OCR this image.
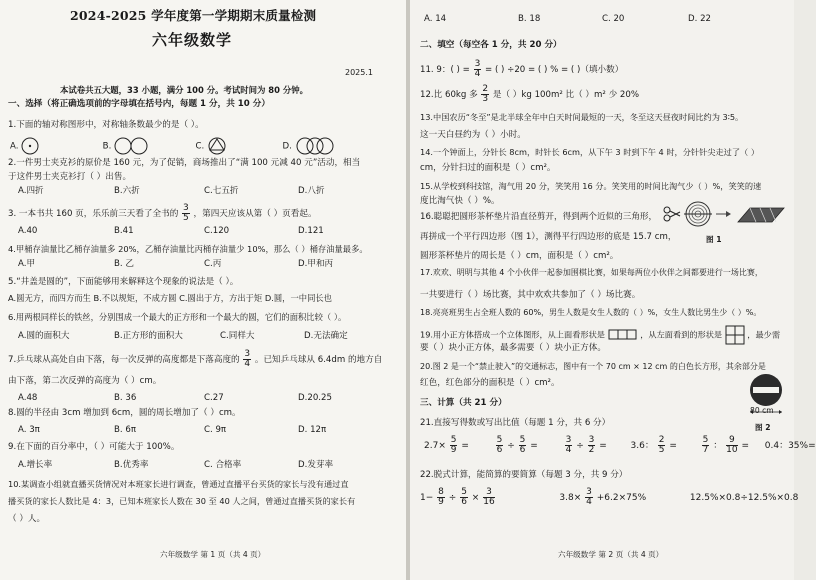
2024-2025 学年度第一学期期末质量检测
六年级数学
2025.1
本试卷共五大题，33 小题，满分 100 分。考试时间为 80 分钟。
一、选择（将正确选项前的字母填在括号内，每题 1 分，共 10 分）
1.下面的轴对称图形中，对称轴条数最少的是（ ）。
A.	B.	C.	D.
2.一件男士夹克衫的原价是 160 元，为了促销，商场推出了“满 100 元减 40 元”活动，相当
于这件男士夹克衫打（ ）出售。
A.四折	B.六折	C.七五折	D.八折
3. 一本书共 160 页，乐乐前三天看了全书的 $\frac{3}{5}$ ，第四天应该从第（ ）页看起。
A.40	B.41	C.120	D.121
4.甲桶存油量比乙桶存油量多 20%，乙桶存油量比丙桶存油量少 10%，那么（ ）桶存油量最多。
A.甲	B. 乙	C.丙	D.甲和丙
5.“井盖是圆的”，下面能够用来解释这个现象的说法是（ ）。
A.圆无方，而四方而生 B.不以规矩，不成方圆 C.圆出于方，方出于矩 D.圆，一中同长也
6.用两根同样长的铁丝，分别围成一个最大的正方形和一个最大的圆，它们的面积比较（ ）。
A.圆的面积大	B.正方形的面积大	C.同样大	D.无法确定
7.乒乓球从高处自由下落，每一次反弹的高度都是下落高度的 $\frac{3}{4}$ 。已知乒乓球从 6.4dm 的地方自
由下落，第二次反弹的高度为（ ）cm。
A.48	B. 36	C.27	D.20.25
8.圆的半径由 3cm 增加到 6cm，圆的周长增加了（ ）cm。
A. 3π	B. 6π	C. 9π	D. 12π
9.在下面的百分率中，（ ）可能大于 100%。
A.增长率	B.优秀率	C. 合格率	D.发芽率
10.某调查小组就直播买货情况对本班家长进行调查，曾通过直播平台买货的家长与没有通过直
播买货的家长人数比是 4：3，已知本班家长人数在 30 至 40 人之间，曾通过直播买货的家长有
（ ）人。
六年级数学 第 1 页（共 4 页）
A. 14	B. 18	C. 20	D. 22
二、填空（每空各 1 分，共 20 分）
11. 9：( ) = $\frac{3}{4}$ = ( ) ÷20 = ( ) % = ( )（填小数）
12.比 60kg 多 $\frac{2}{3}$ 是（ ）kg 100m² 比（ ）m² 少 20%
13.中国农历“冬至”是北半球全年中白天时间最短的一天，冬至这天昼夜时间比约为 3∶5。
这一天白昼约为（ ）小时。
14.一个钟面上，分针长 8cm，时针长 6cm，从下午 3 时到下午 4 时，分针针尖走过了（ ）
cm，分针扫过的面积是（ ）cm²。
15.从学校到科技馆，淘气用 20 分，笑笑用 16 分。笑笑用的时间比淘气少（ ）%，笑笑的速
度比淘气快（ ）%。
16.聪聪把圆形茶杯垫片沿直径剪开，得到两个近似的三角形，
再拼成一个平行四边形（图 1），测得平行四边形的底是 15.7 cm，
圆形茶杯垫片的周长是（ ）cm，面积是（ ）cm²。
图 1
17.欢欢、明明与其他 4 个小伙伴一起参加围棋比赛，如果每两位小伙伴之间都要进行一场比赛，
一共要进行（ ）场比赛，其中欢欢共参加了（ ）场比赛。
18.亮亮班男生占全班人数的 60%，男生人数是女生人数的（ ）%，女生人数比男生少（ ）%。
19.用小正方体搭成一个立体图形，从上面看形状是	，从左面看到的形状是	，最少需
要（ ）块小正方体，最多需要（ ）块小正方体。
20.图 2 是一个“禁止驶入”的交通标志，图中有一个 70 cm × 12 cm 的白色长方形，其余部分是
红色，红色部分的面积是（ ）cm²。
80 cm
图 2
三、计算（共 21 分）
21.直接写得数或写出比值（每题 1 分，共 6 分）
$2.7\times \frac{5}{9}$ =	$\frac{5}{6} \div \frac{5}{6}$ =	$\frac{3}{4} \div \frac{3}{2}$ =	3.6： $\frac{2}{5}$ =	$\frac{5}{7}$ ： $\frac{9}{10} = 0.4$：35%=
22.脱式计算，能简算的要简算（每题 3 分，共 9 分）
$1- \frac{8}{9} \div \frac{5}{6} \times \frac{3}{16}$	$3.8\times \frac{3}{4} +6.2\times 75\%$	12.5%×0.8÷12.5%×0.8
六年级数学 第 2 页（共 4 页）
